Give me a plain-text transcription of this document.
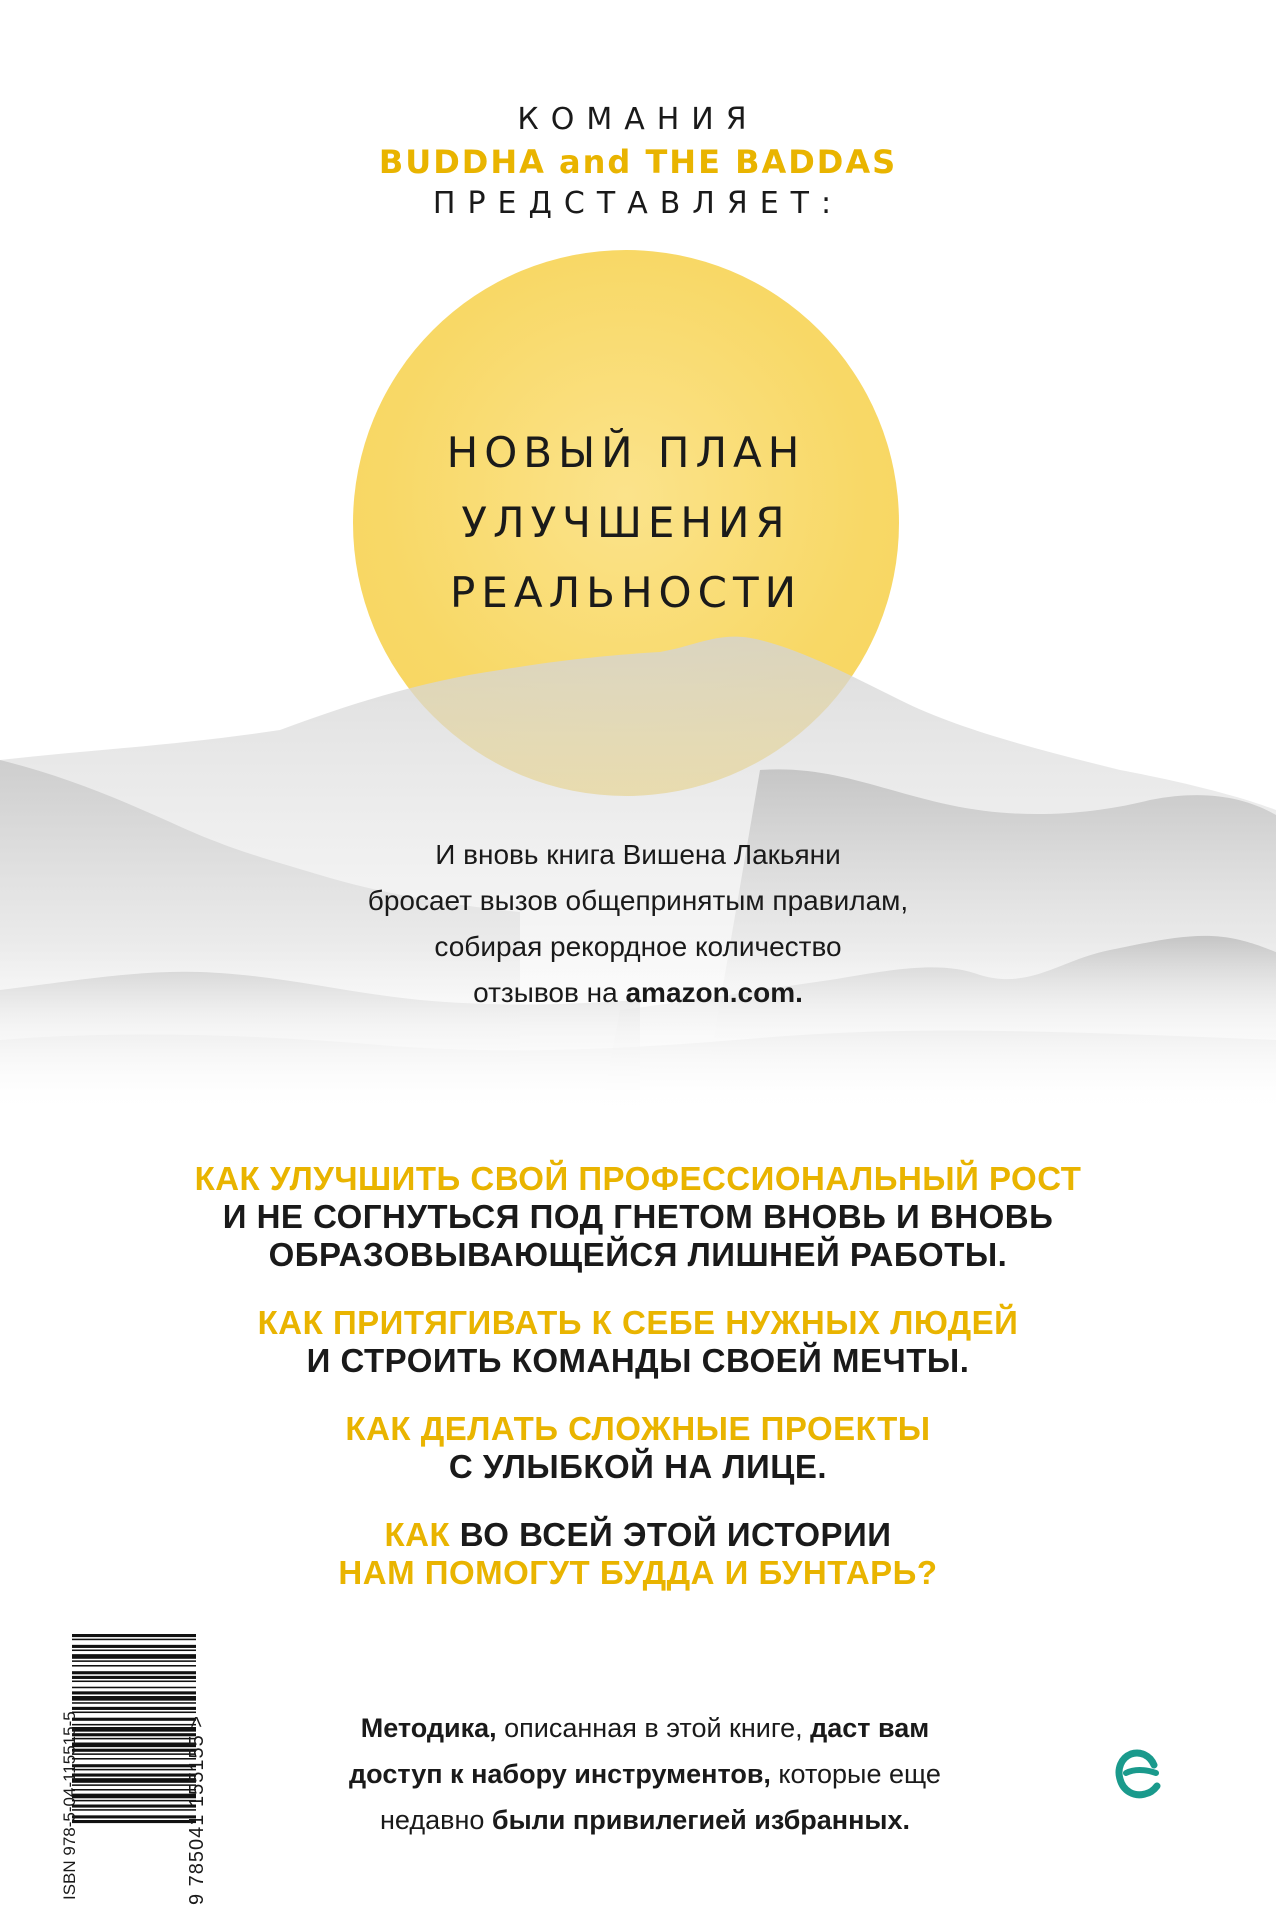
КОМАНИЯ
BUDDHA and THE BADDAS
ПРЕДСТАВЛЯЕТ:
НОВЫЙ ПЛАН
УЛУЧШЕНИЯ
РЕАЛЬНОСТИ
И вновь книга Вишена Лакьяни
бросает вызов общепринятым правилам,
собирая рекордное количество
отзывов на amazon.com.
КАК УЛУЧШИТЬ СВОЙ ПРОФЕССИОНАЛЬНЫЙ РОСТ
И НЕ СОГНУТЬСЯ ПОД ГНЕТОМ ВНОВЬ И ВНОВЬ
ОБРАЗОВЫВАЮЩЕЙСЯ ЛИШНЕЙ РАБОТЫ.
КАК ПРИТЯГИВАТЬ К СЕБЕ НУЖНЫХ ЛЮДЕЙ
И СТРОИТЬ КОМАНДЫ СВОЕЙ МЕЧТЫ.
КАК ДЕЛАТЬ СЛОЖНЫЕ ПРОЕКТЫ
С УЛЫБКОЙ НА ЛИЦЕ.
КАК ВО ВСЕЙ ЭТОЙ ИСТОРИИ
НАМ ПОМОГУТ БУДДА И БУНТАРЬ?
ISBN 978-5-04-115515-5	9 785041 155155 >	Методика, описанная в этой книге, даст вам
доступ к набору инструментов, которые еще
недавно были привилегией избранных.
